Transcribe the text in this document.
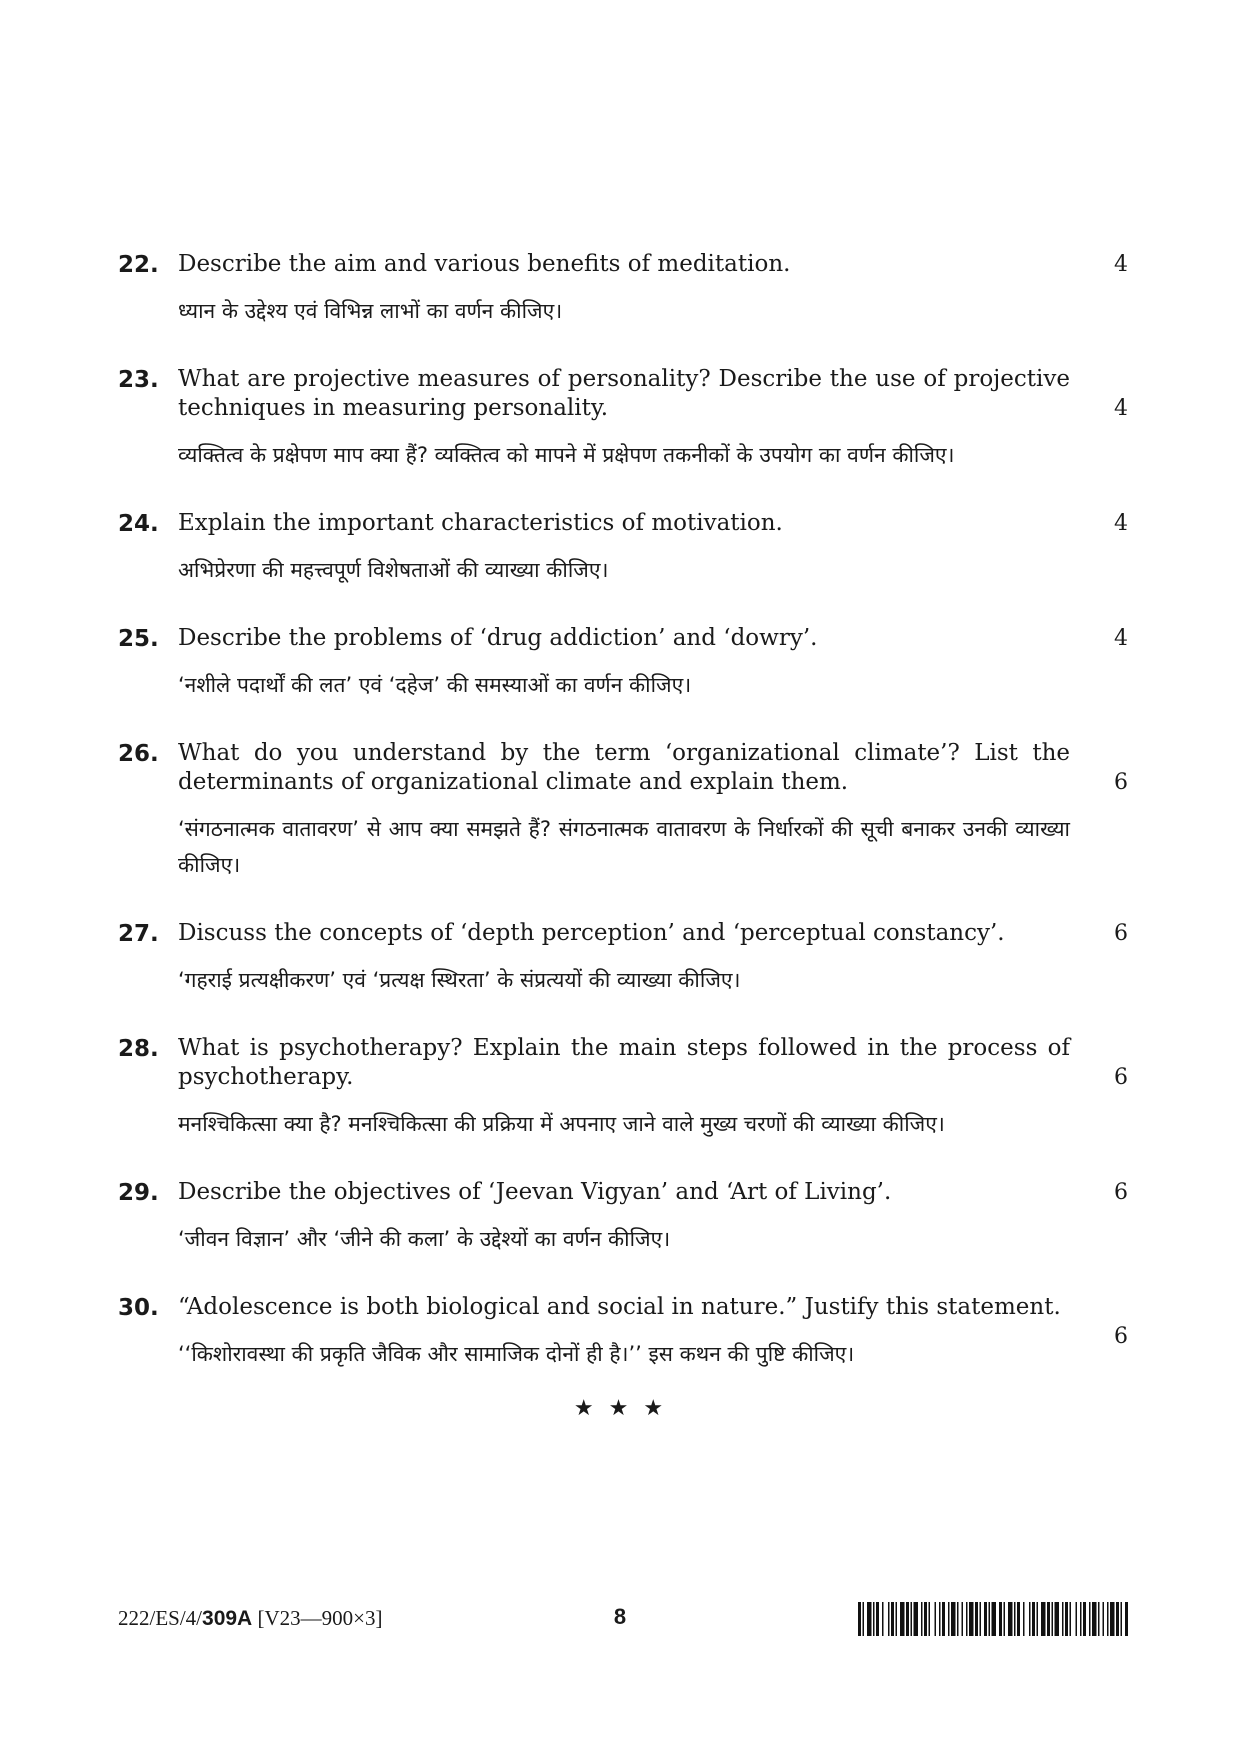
22. Describe the aim and various benefits of meditation.
ध्यान के उद्देश्य एवं विभिन्न लाभों का वर्णन कीजिए।
4
23. What are projective measures of personality? Describe the use of projective techniques in measuring personality.
व्यक्तित्व के प्रक्षेपण माप क्या हैं? व्यक्तित्व को मापने में प्रक्षेपण तकनीकों के उपयोग का वर्णन कीजिए।
4
24. Explain the important characteristics of motivation.
अभिप्रेरणा की महत्त्वपूर्ण विशेषताओं की व्याख्या कीजिए।
4
25. Describe the problems of ‘drug addiction’ and ‘dowry’.
‘नशीले पदार्थों की लत’ एवं ‘दहेज’ की समस्याओं का वर्णन कीजिए।
4
26. What do you understand by the term ‘organizational climate’? List the determinants of organizational climate and explain them.
‘संगठनात्मक वातावरण’ से आप क्या समझते हैं? संगठनात्मक वातावरण के निर्धारकों की सूची बनाकर उनकी व्याख्या कीजिए।
6
27. Discuss the concepts of ‘depth perception’ and ‘perceptual constancy’.
‘गहराई प्रत्यक्षीकरण’ एवं ‘प्रत्यक्ष स्थिरता’ के संप्रत्ययों की व्याख्या कीजिए।
6
28. What is psychotherapy? Explain the main steps followed in the process of psychotherapy.
मनश्चिकित्सा क्या है? मनश्चिकित्सा की प्रक्रिया में अपनाए जाने वाले मुख्य चरणों की व्याख्या कीजिए।
6
29. Describe the objectives of ‘Jeevan Vigyan’ and ‘Art of Living’.
‘जीवन विज्ञान’ और ‘जीने की कला’ के उद्देश्यों का वर्णन कीजिए।
6
30. “Adolescence is both biological and social in nature.” Justify this statement.
‘‘किशोरावस्था की प्रकृति जैविक और सामाजिक दोनों ही है।’’ इस कथन की पुष्टि कीजिए।
6
★ ★ ★
222/ES/4/309A [V23—900×3]	8
